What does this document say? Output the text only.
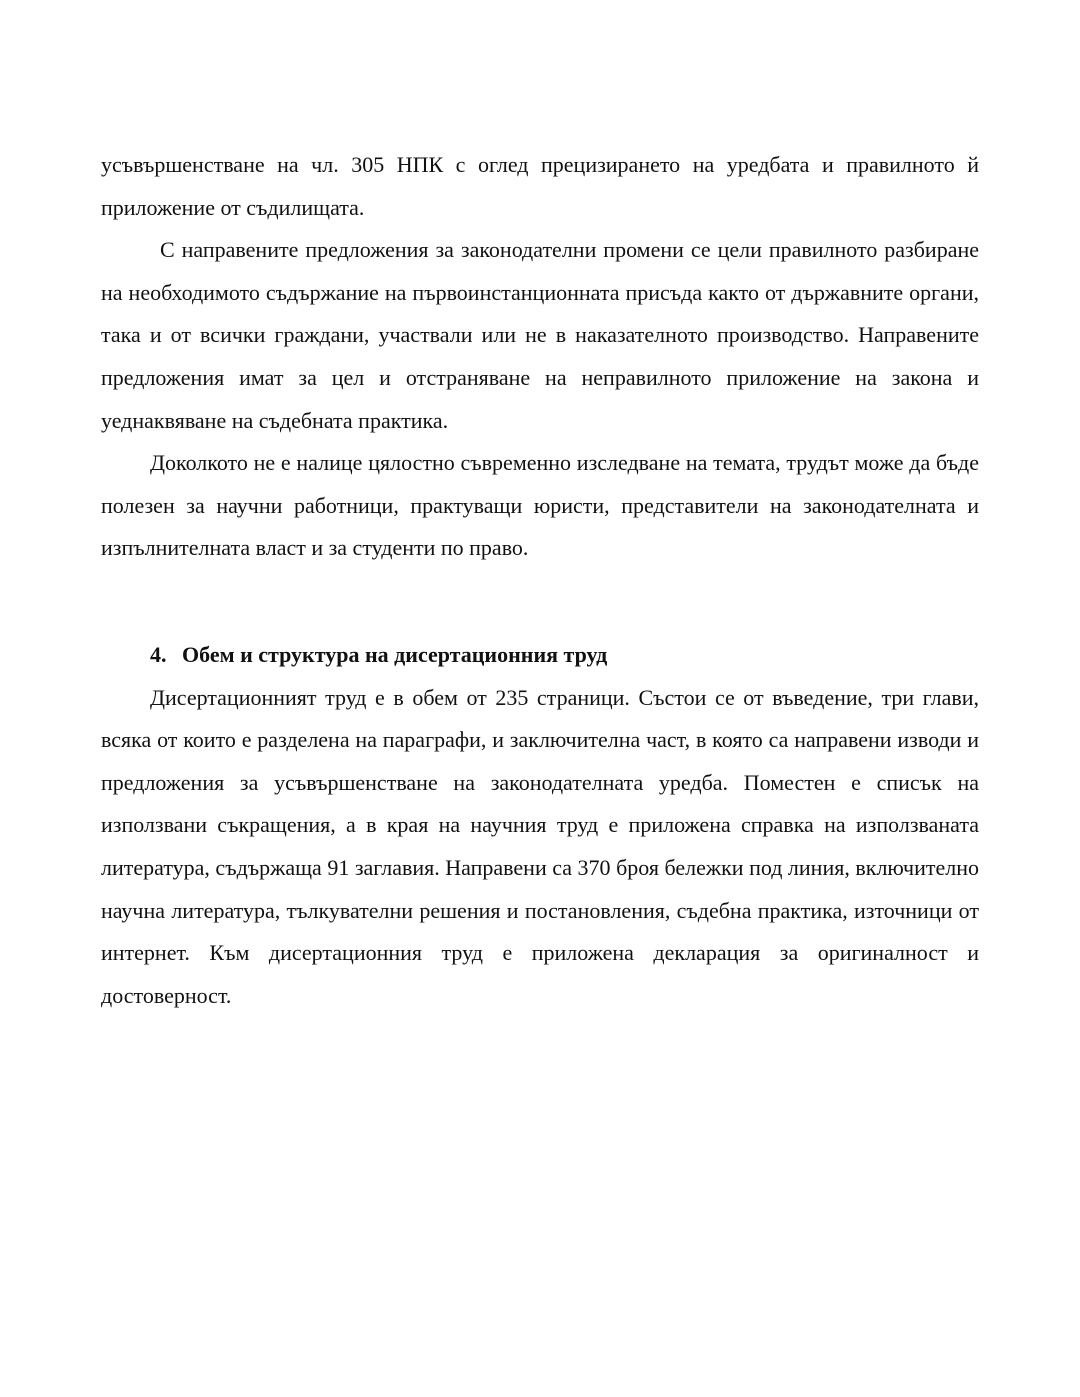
усъвършенстване на чл. 305 НПК с оглед прецизирането на уредбата и правилното й приложение от съдилищата.

С направените предложения за законодателни промени се цели правилното разбиране на необходимото съдържание на първоинстанционната присъда както от държавните органи, така и от всички граждани, участвали или не в наказателното производство. Направените предложения имат за цел и отстраняване на неправилното приложение на закона и уеднаквяване на съдебната практика.

Доколкото не е налице цялостно съвременно изследване на темата, трудът може да бъде полезен за научни работници, практуващи юристи, представители на законодателната и изпълнителната власт и за студенти по право.

4. Обем и структура на дисертационния труд

Дисертационният труд е в обем от 235 страници. Състои се от въведение, три глави, всяка от които е разделена на параграфи, и заключителна част, в която са направени изводи и предложения за усъвършенстване на законодателната уредба. Поместен е списък на използвани съкращения, а в края на научния труд е приложена справка на използваната литература, съдържаща 91 заглавия. Направени са 370 броя бележки под линия, включително научна литература, тълкувателни решения и постановления, съдебна практика, източници от интернет. Към дисертационния труд е приложена декларация за оригиналност и достоверност.
